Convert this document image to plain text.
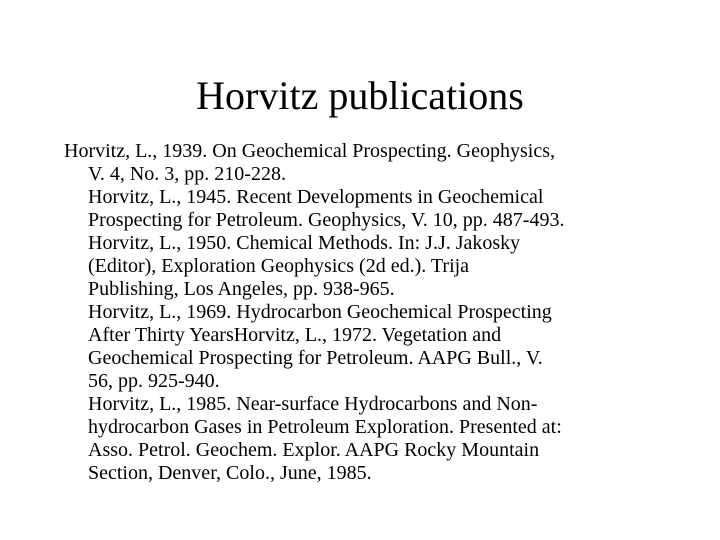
Horvitz publications
Horvitz, L., 1939. On Geochemical Prospecting. Geophysics,
V. 4, No. 3, pp. 210-228.
Horvitz, L., 1945. Recent Developments in Geochemical
Prospecting for Petroleum. Geophysics, V. 10, pp. 487-493.
Horvitz, L., 1950. Chemical Methods. In: J.J. Jakosky
(Editor), Exploration Geophysics (2d ed.). Trija
Publishing, Los Angeles, pp. 938-965.
Horvitz, L., 1969. Hydrocarbon Geochemical Prospecting
After Thirty YearsHorvitz, L., 1972. Vegetation and
Geochemical Prospecting for Petroleum. AAPG Bull., V.
56, pp. 925-940.
Horvitz, L., 1985. Near-surface Hydrocarbons and Non-
hydrocarbon Gases in Petroleum Exploration. Presented at:
Asso. Petrol. Geochem. Explor. AAPG Rocky Mountain
Section, Denver, Colo., June, 1985.
